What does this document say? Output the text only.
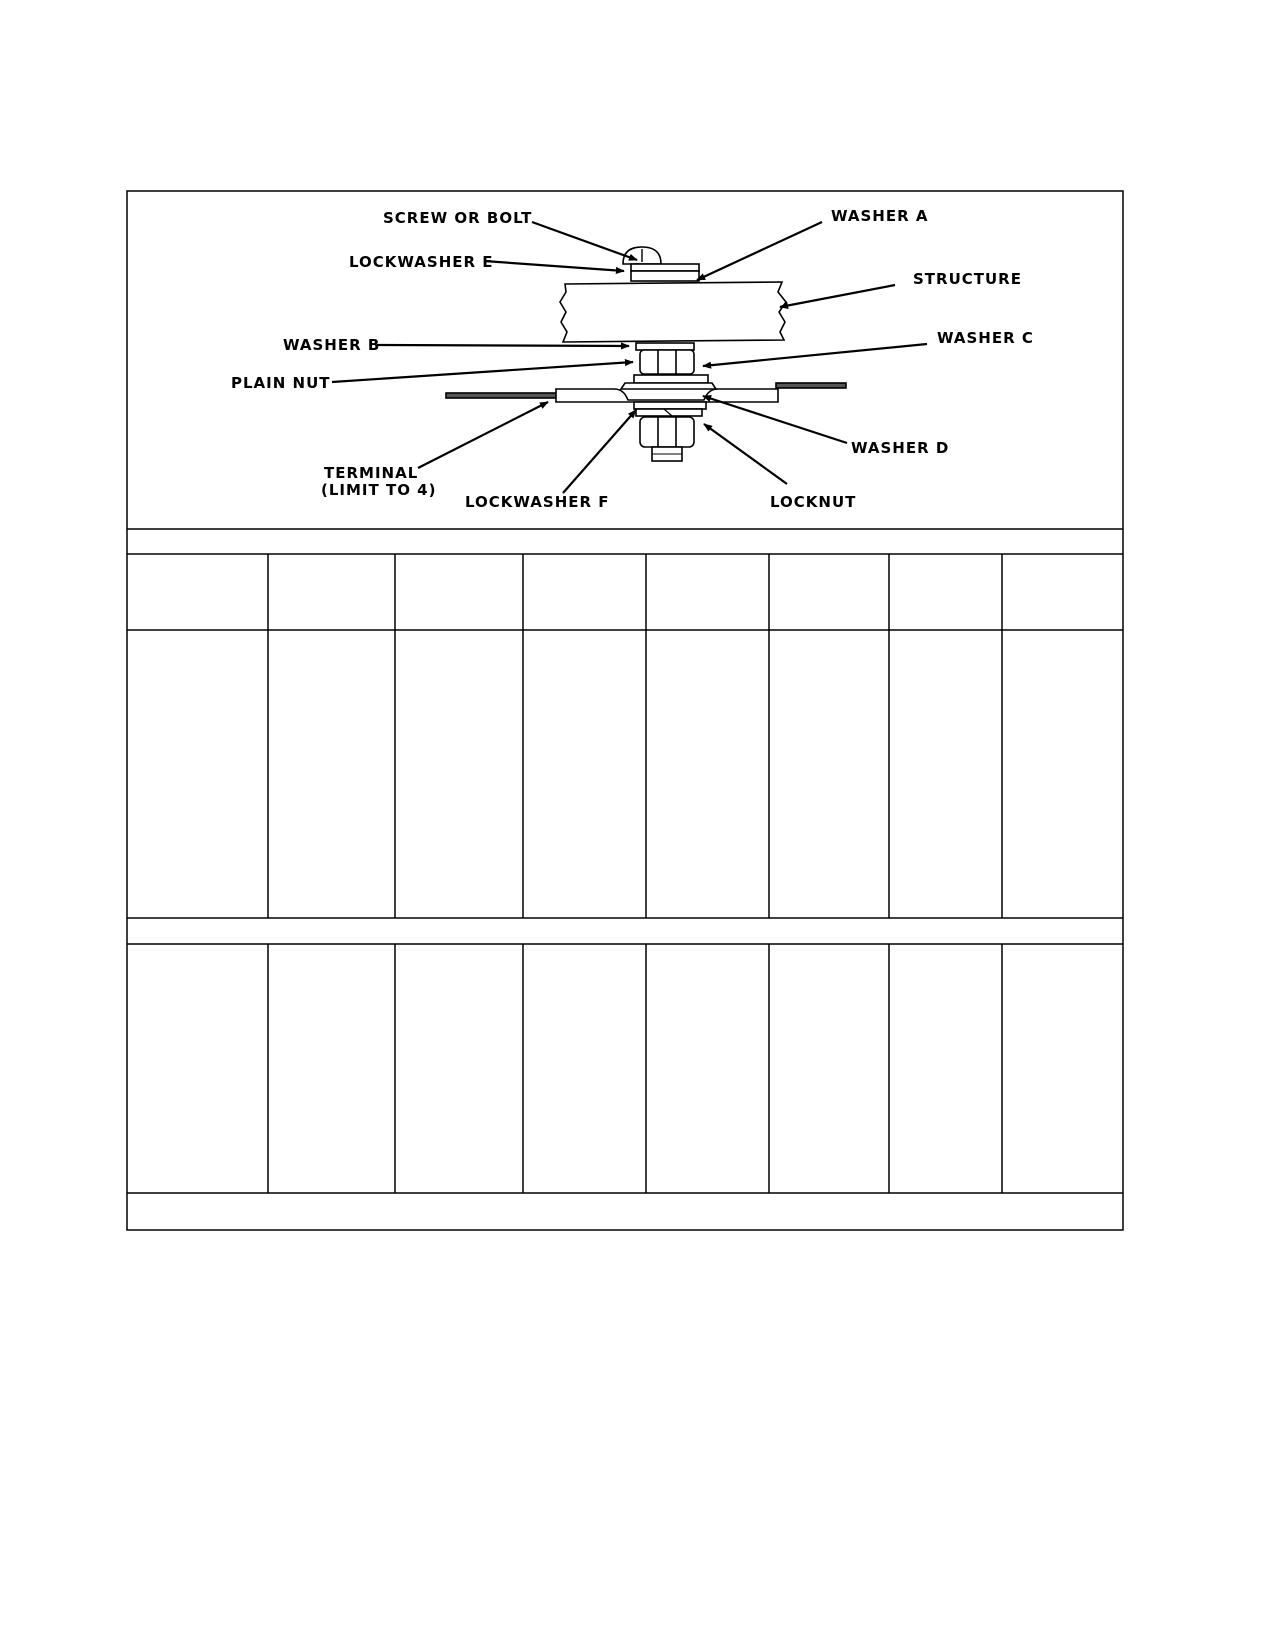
SCREW OR BOLT	WASHER A
LOCKWASHER E
STRUCTURE
WASHER B	WASHER C
PLAIN NUT
WASHER D
TERMINAL
(LIMIT TO 4)
LOCKWASHER F	LOCKNUT
